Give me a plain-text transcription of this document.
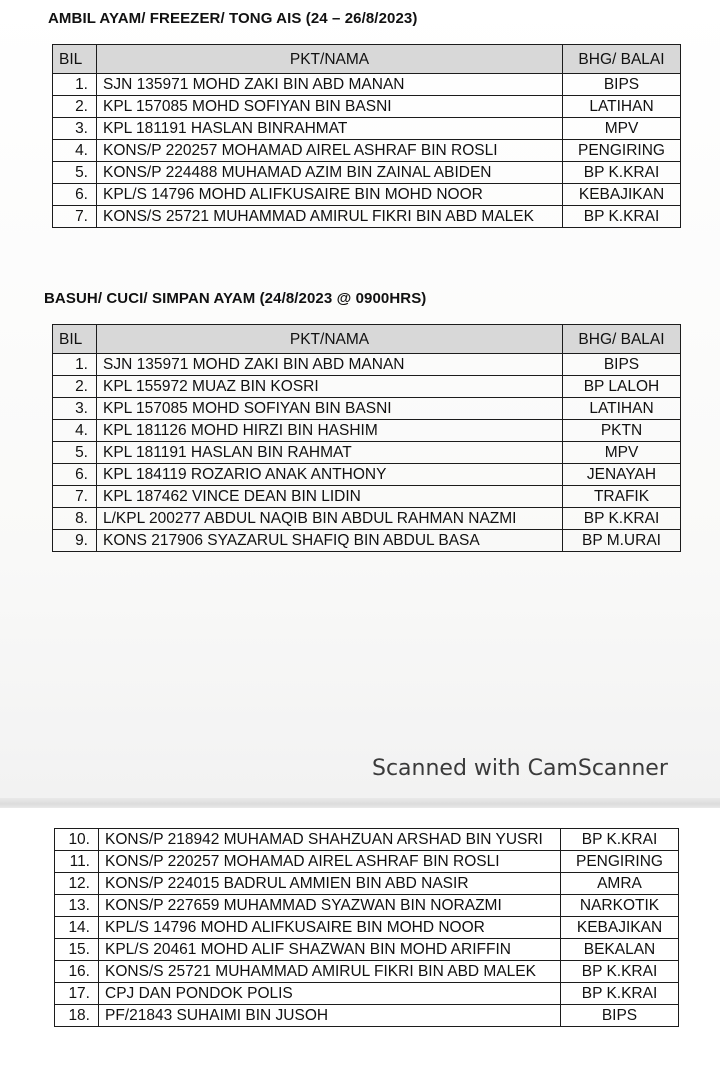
AMBIL AYAM/ FREEZER/ TONG AIS (24 – 26/8/2023)
BIL	PKT/NAMA	BHG/ BALAI
1.	SJN 135971 MOHD ZAKI BIN ABD MANAN	BIPS
2.	KPL 157085 MOHD SOFIYAN BIN BASNI	LATIHAN
3.	KPL 181191 HASLAN BINRAHMAT	MPV
4.	KONS/P 220257 MOHAMAD AIREL ASHRAF BIN ROSLI	PENGIRING
5.	KONS/P 224488 MUHAMAD AZIM BIN ZAINAL ABIDEN	BP K.KRAI
6.	KPL/S 14796 MOHD ALIFKUSAIRE BIN MOHD NOOR	KEBAJIKAN
7.	KONS/S 25721 MUHAMMAD AMIRUL FIKRI BIN ABD MALEK	BP K.KRAI
BASUH/ CUCI/ SIMPAN AYAM (24/8/2023 @ 0900HRS)
BIL	PKT/NAMA	BHG/ BALAI
1.	SJN 135971 MOHD ZAKI BIN ABD MANAN	BIPS
2.	KPL 155972 MUAZ BIN KOSRI	BP LALOH
3.	KPL 157085 MOHD SOFIYAN BIN BASNI	LATIHAN
4.	KPL 181126 MOHD HIRZI BIN HASHIM	PKTN
5.	KPL 181191 HASLAN BIN RAHMAT	MPV
6.	KPL 184119 ROZARIO ANAK ANTHONY	JENAYAH
7.	KPL 187462 VINCE DEAN BIN LIDIN	TRAFIK
8.	L/KPL 200277 ABDUL NAQIB BIN ABDUL RAHMAN NAZMI	BP K.KRAI
9.	KONS 217906 SYAZARUL SHAFIQ BIN ABDUL BASA	BP M.URAI
Scanned with CamScanner
10.	KONS/P 218942 MUHAMAD SHAHZUAN ARSHAD BIN YUSRI	BP K.KRAI
11.	KONS/P 220257 MOHAMAD AIREL ASHRAF BIN ROSLI	PENGIRING
12.	KONS/P 224015 BADRUL AMMIEN BIN ABD NASIR	AMRA
13.	KONS/P 227659 MUHAMMAD SYAZWAN BIN NORAZMI	NARKOTIK
14.	KPL/S 14796 MOHD ALIFKUSAIRE BIN MOHD NOOR	KEBAJIKAN
15.	KPL/S 20461 MOHD ALIF SHAZWAN BIN MOHD ARIFFIN	BEKALAN
16.	KONS/S 25721 MUHAMMAD AMIRUL FIKRI BIN ABD MALEK	BP K.KRAI
17.	CPJ DAN PONDOK POLIS	BP K.KRAI
18.	PF/21843 SUHAIMI BIN JUSOH	BIPS
